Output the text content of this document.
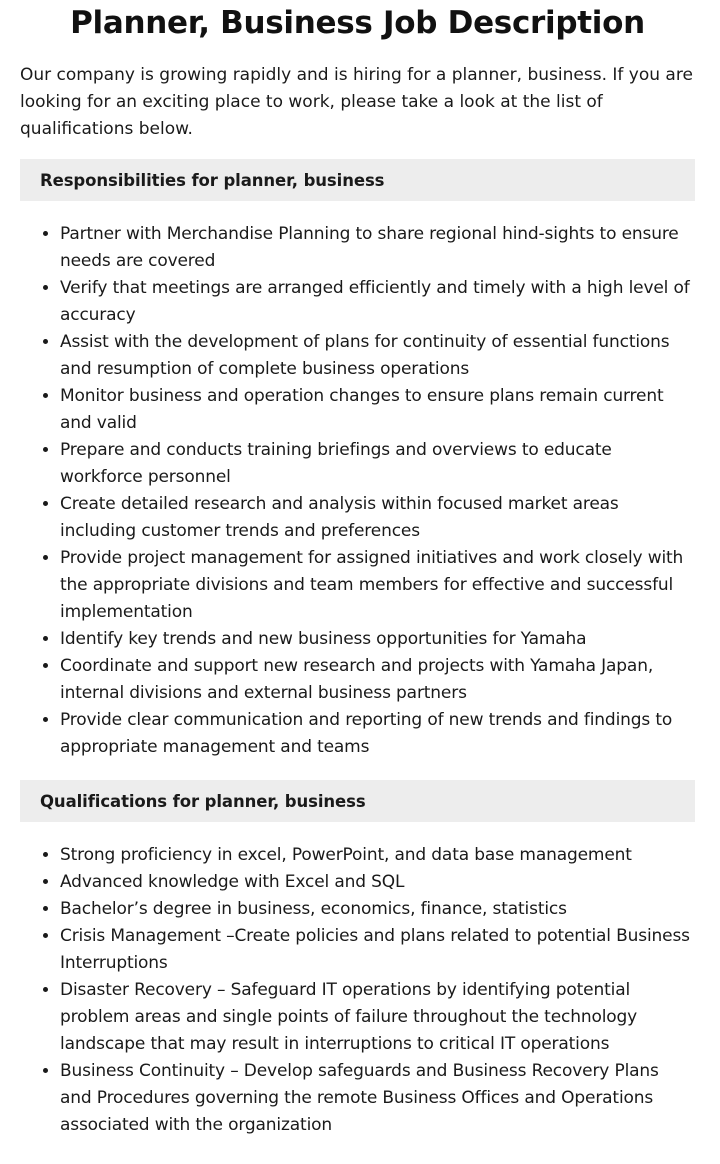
Planner, Business Job Description

Our company is growing rapidly and is hiring for a planner, business. If you are looking for an exciting place to work, please take a look at the list of qualifications below.

Responsibilities for planner, business
• Partner with Merchandise Planning to share regional hind-sights to ensure needs are covered
• Verify that meetings are arranged efficiently and timely with a high level of accuracy
• Assist with the development of plans for continuity of essential functions and resumption of complete business operations
• Monitor business and operation changes to ensure plans remain current and valid
• Prepare and conducts training briefings and overviews to educate workforce personnel
• Create detailed research and analysis within focused market areas including customer trends and preferences
• Provide project management for assigned initiatives and work closely with the appropriate divisions and team members for effective and successful implementation
• Identify key trends and new business opportunities for Yamaha
• Coordinate and support new research and projects with Yamaha Japan, internal divisions and external business partners
• Provide clear communication and reporting of new trends and findings to appropriate management and teams
Qualifications for planner, business
• Strong proficiency in excel, PowerPoint, and data base management
• Advanced knowledge with Excel and SQL
• Bachelor’s degree in business, economics, finance, statistics
• Crisis Management –Create policies and plans related to potential Business Interruptions
• Disaster Recovery – Safeguard IT operations by identifying potential problem areas and single points of failure throughout the technology landscape that may result in interruptions to critical IT operations
• Business Continuity – Develop safeguards and Business Recovery Plans and Procedures governing the remote Business Offices and Operations associated with the organization
